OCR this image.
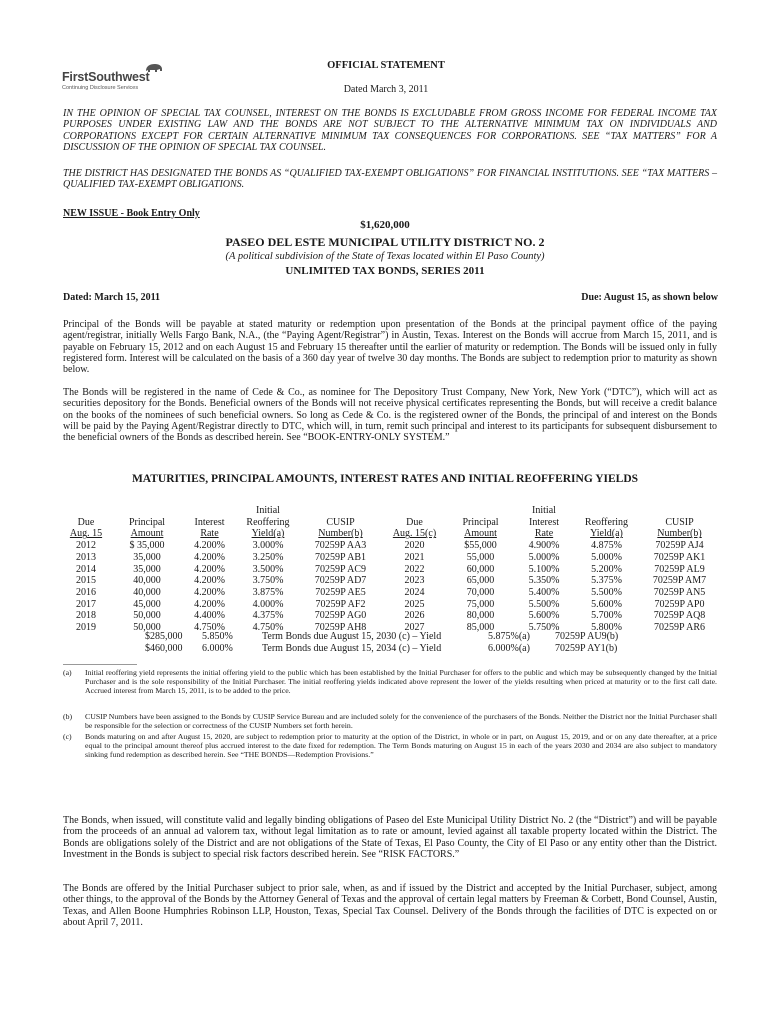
FirstSouthwest
Continuing Disclosure Services
OFFICIAL STATEMENT
Dated March 3, 2011
IN THE OPINION OF SPECIAL TAX COUNSEL, INTEREST ON THE BONDS IS EXCLUDABLE FROM GROSS INCOME FOR FEDERAL INCOME TAX PURPOSES UNDER EXISTING LAW AND THE BONDS ARE NOT SUBJECT TO THE ALTERNATIVE MINIMUM TAX ON INDIVIDUALS AND CORPORATIONS EXCEPT FOR CERTAIN ALTERNATIVE MINIMUM TAX CONSEQUENCES FOR CORPORATIONS. SEE “TAX MATTERS” FOR A DISCUSSION OF THE OPINION OF SPECIAL TAX COUNSEL.
THE DISTRICT HAS DESIGNATED THE BONDS AS “QUALIFIED TAX-EXEMPT OBLIGATIONS” FOR FINANCIAL INSTITUTIONS. SEE “TAX MATTERS – QUALIFIED TAX-EXEMPT OBLIGATIONS.
NEW ISSUE - Book Entry Only
$1,620,000
PASEO DEL ESTE MUNICIPAL UTILITY DISTRICT NO. 2
(A political subdivision of the State of Texas located within El Paso County)
UNLIMITED TAX BONDS, SERIES 2011
Dated: March 15, 2011	Due: August 15, as shown below
Principal of the Bonds will be payable at stated maturity or redemption upon presentation of the Bonds at the principal payment office of the paying agent/registrar, initially Wells Fargo Bank, N.A., (the “Paying Agent/Registrar”) in Austin, Texas. Interest on the Bonds will accrue from March 15, 2011, and is payable on February 15, 2012 and on each August 15 and February 15 thereafter until the earlier of maturity or redemption. The Bonds will be issued only in fully registered form. Interest will be calculated on the basis of a 360 day year of twelve 30 day months. The Bonds are subject to redemption prior to maturity as shown below.
The Bonds will be registered in the name of Cede & Co., as nominee for The Depository Trust Company, New York, New York (“DTC”), which will act as securities depository for the Bonds. Beneficial owners of the Bonds will not receive physical certificates representing the Bonds, but will receive a credit balance on the books of the nominees of such beneficial owners. So long as Cede & Co. is the registered owner of the Bonds, the principal of and interest on the Bonds will be paid by the Paying Agent/Registrar directly to DTC, which will, in turn, remit such principal and interest to its participants for subsequent disbursement to the beneficial owners of the Bonds as described herein. See “BOOK-ENTRY-ONLY SYSTEM.”
MATURITIES, PRINCIPAL AMOUNTS, INTEREST RATES AND INITIAL REOFFERING YIELDS
			Initial				Initial		
Due	Principal	Interest	Reoffering	CUSIP	Due	Principal	Interest	Reoffering	CUSIP
Aug. 15	Amount	Rate	Yield(a)	Number(b)	Aug. 15(c)	Amount	Rate	Yield(a)	Number(b)
2012	$ 35,000	4.200%	3.000%	70259P AA3	2020	$55,000	4.900%	4.875%	70259P AJ4
2013	35,000	4.200%	3.250%	70259P AB1	2021	55,000	5.000%	5.000%	70259P AK1
2014	35,000	4.200%	3.500%	70259P AC9	2022	60,000	5.100%	5.200%	70259P AL9
2015	40,000	4.200%	3.750%	70259P AD7	2023	65,000	5.350%	5.375%	70259P AM7
2016	40,000	4.200%	3.875%	70259P AE5	2024	70,000	5.400%	5.500%	70259P AN5
2017	45,000	4.200%	4.000%	70259P AF2	2025	75,000	5.500%	5.600%	70259P AP0
2018	50,000	4.400%	4.375%	70259P AG0	2026	80,000	5.600%	5.700%	70259P AQ8
2019	50,000	4.750%	4.750%	70259P AH8	2027	85,000	5.750%	5.800%	70259P AR6
$285,000 5.850%	Term Bonds due August 15, 2030 (c) – Yield	5.875%(a)	70259P AU9(b)
$460,000 6.000%	Term Bonds due August 15, 2034 (c) – Yield	6.000%(a)	70259P AY1(b)
(a) Initial reoffering yield represents the initial offering yield to the public which has been established by the Initial Purchaser for offers to the public and which may be subsequently changed by the Initial Purchaser and is the sole responsibility of the Initial Purchaser. The initial reoffering yields indicated above represent the lower of the yields resulting when priced at maturity or to the first call date. Accrued interest from March 15, 2011, is to be added to the price.
(b) CUSIP Numbers have been assigned to the Bonds by CUSIP Service Bureau and are included solely for the convenience of the purchasers of the Bonds. Neither the District nor the Initial Purchaser shall be responsible for the selection or correctness of the CUSIP Numbers set forth herein.
(c) Bonds maturing on and after August 15, 2020, are subject to redemption prior to maturity at the option of the District, in whole or in part, on August 15, 2019, and or on any date thereafter, at a price equal to the principal amount thereof plus accrued interest to the date fixed for redemption. The Term Bonds maturing on August 15 in each of the years 2030 and 2034 are also subject to mandatory sinking fund redemption as described herein. See “THE BONDS—Redemption Provisions.”
The Bonds, when issued, will constitute valid and legally binding obligations of Paseo del Este Municipal Utility District No. 2 (the “District”) and will be payable from the proceeds of an annual ad valorem tax, without legal limitation as to rate or amount, levied against all taxable property located within the District. The Bonds are obligations solely of the District and are not obligations of the State of Texas, El Paso County, the City of El Paso or any entity other than the District. Investment in the Bonds is subject to special risk factors described herein. See “RISK FACTORS.”
The Bonds are offered by the Initial Purchaser subject to prior sale, when, as and if issued by the District and accepted by the Initial Purchaser, subject, among other things, to the approval of the Bonds by the Attorney General of Texas and the approval of certain legal matters by Freeman & Corbett, Bond Counsel, Austin, Texas, and Allen Boone Humphries Robinson LLP, Houston, Texas, Special Tax Counsel. Delivery of the Bonds through the facilities of DTC is expected on or about April 7, 2011.
